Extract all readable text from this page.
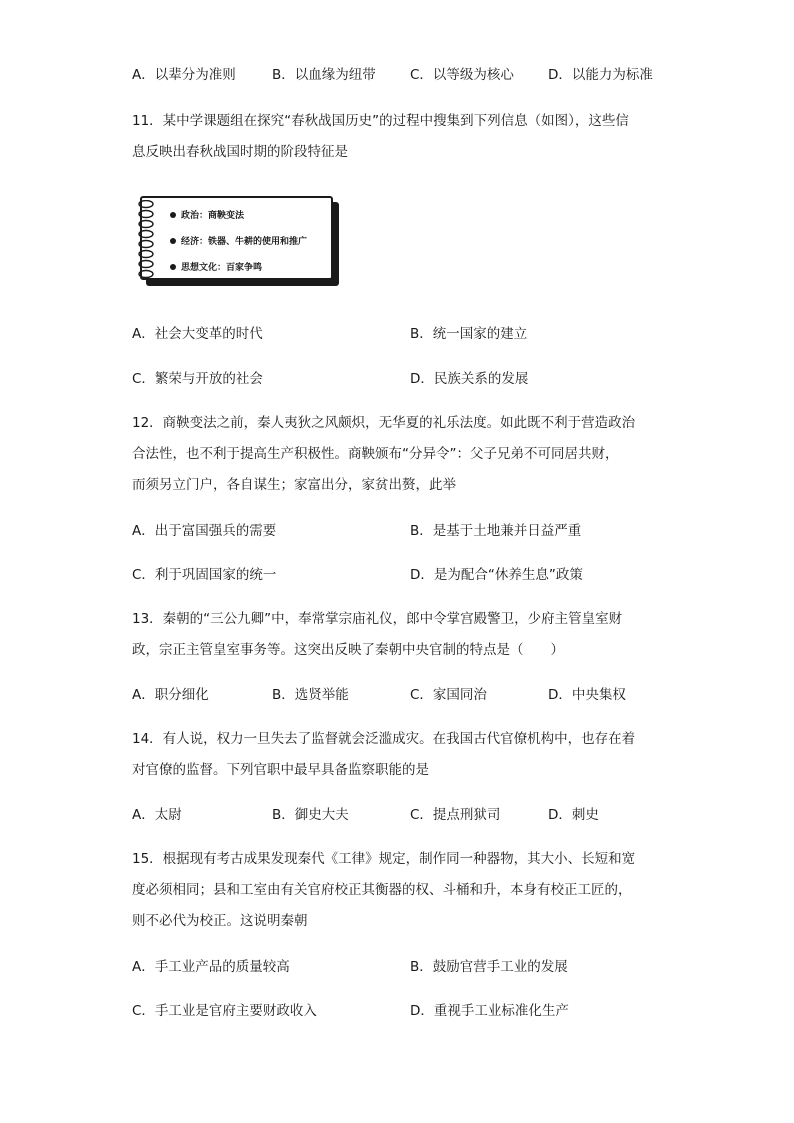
A．以辈分为准则	B．以血缘为纽带	C．以等级为核心	D．以能力为标准
11．某中学课题组在探究“春秋战国历史”的过程中搜集到下列信息（如图），这些信
息反映出春秋战国时期的阶段特征是
政治：商鞅变法
经济：铁器、牛耕的使用和推广
思想文化：百家争鸣
A．社会大变革的时代	B．统一国家的建立
C．繁荣与开放的社会	D．民族关系的发展
12．商鞅变法之前，秦人夷狄之风颇炽，无华夏的礼乐法度。如此既不利于营造政治
合法性，也不利于提高生产积极性。商鞅颁布“分异令”：父子兄弟不可同居共财，
而须另立门户，各自谋生；家富出分，家贫出赘，此举
A．出于富国强兵的需要	B．是基于土地兼并日益严重
C．利于巩固国家的统一	D．是为配合“休养生息”政策
13．秦朝的“三公九卿”中，奉常掌宗庙礼仪，郎中令掌宫殿警卫，少府主管皇室财
政，宗正主管皇室事务等。这突出反映了秦朝中央官制的特点是（　　）
A．职分细化	B．选贤举能	C．家国同治	D．中央集权
14．有人说，权力一旦失去了监督就会泛滥成灾。在我国古代官僚机构中，也存在着
对官僚的监督。下列官职中最早具备监察职能的是
A．太尉	B．御史大夫	C．提点刑狱司	D．刺史
15．根据现有考古成果发现秦代《工律》规定，制作同一种器物，其大小、长短和宽
度必须相同；县和工室由有关官府校正其衡器的权、斗桶和升，本身有校正工匠的，
则不必代为校正。这说明秦朝
A．手工业产品的质量较高	B．鼓励官营手工业的发展
C．手工业是官府主要财政收入	D．重视手工业标准化生产
